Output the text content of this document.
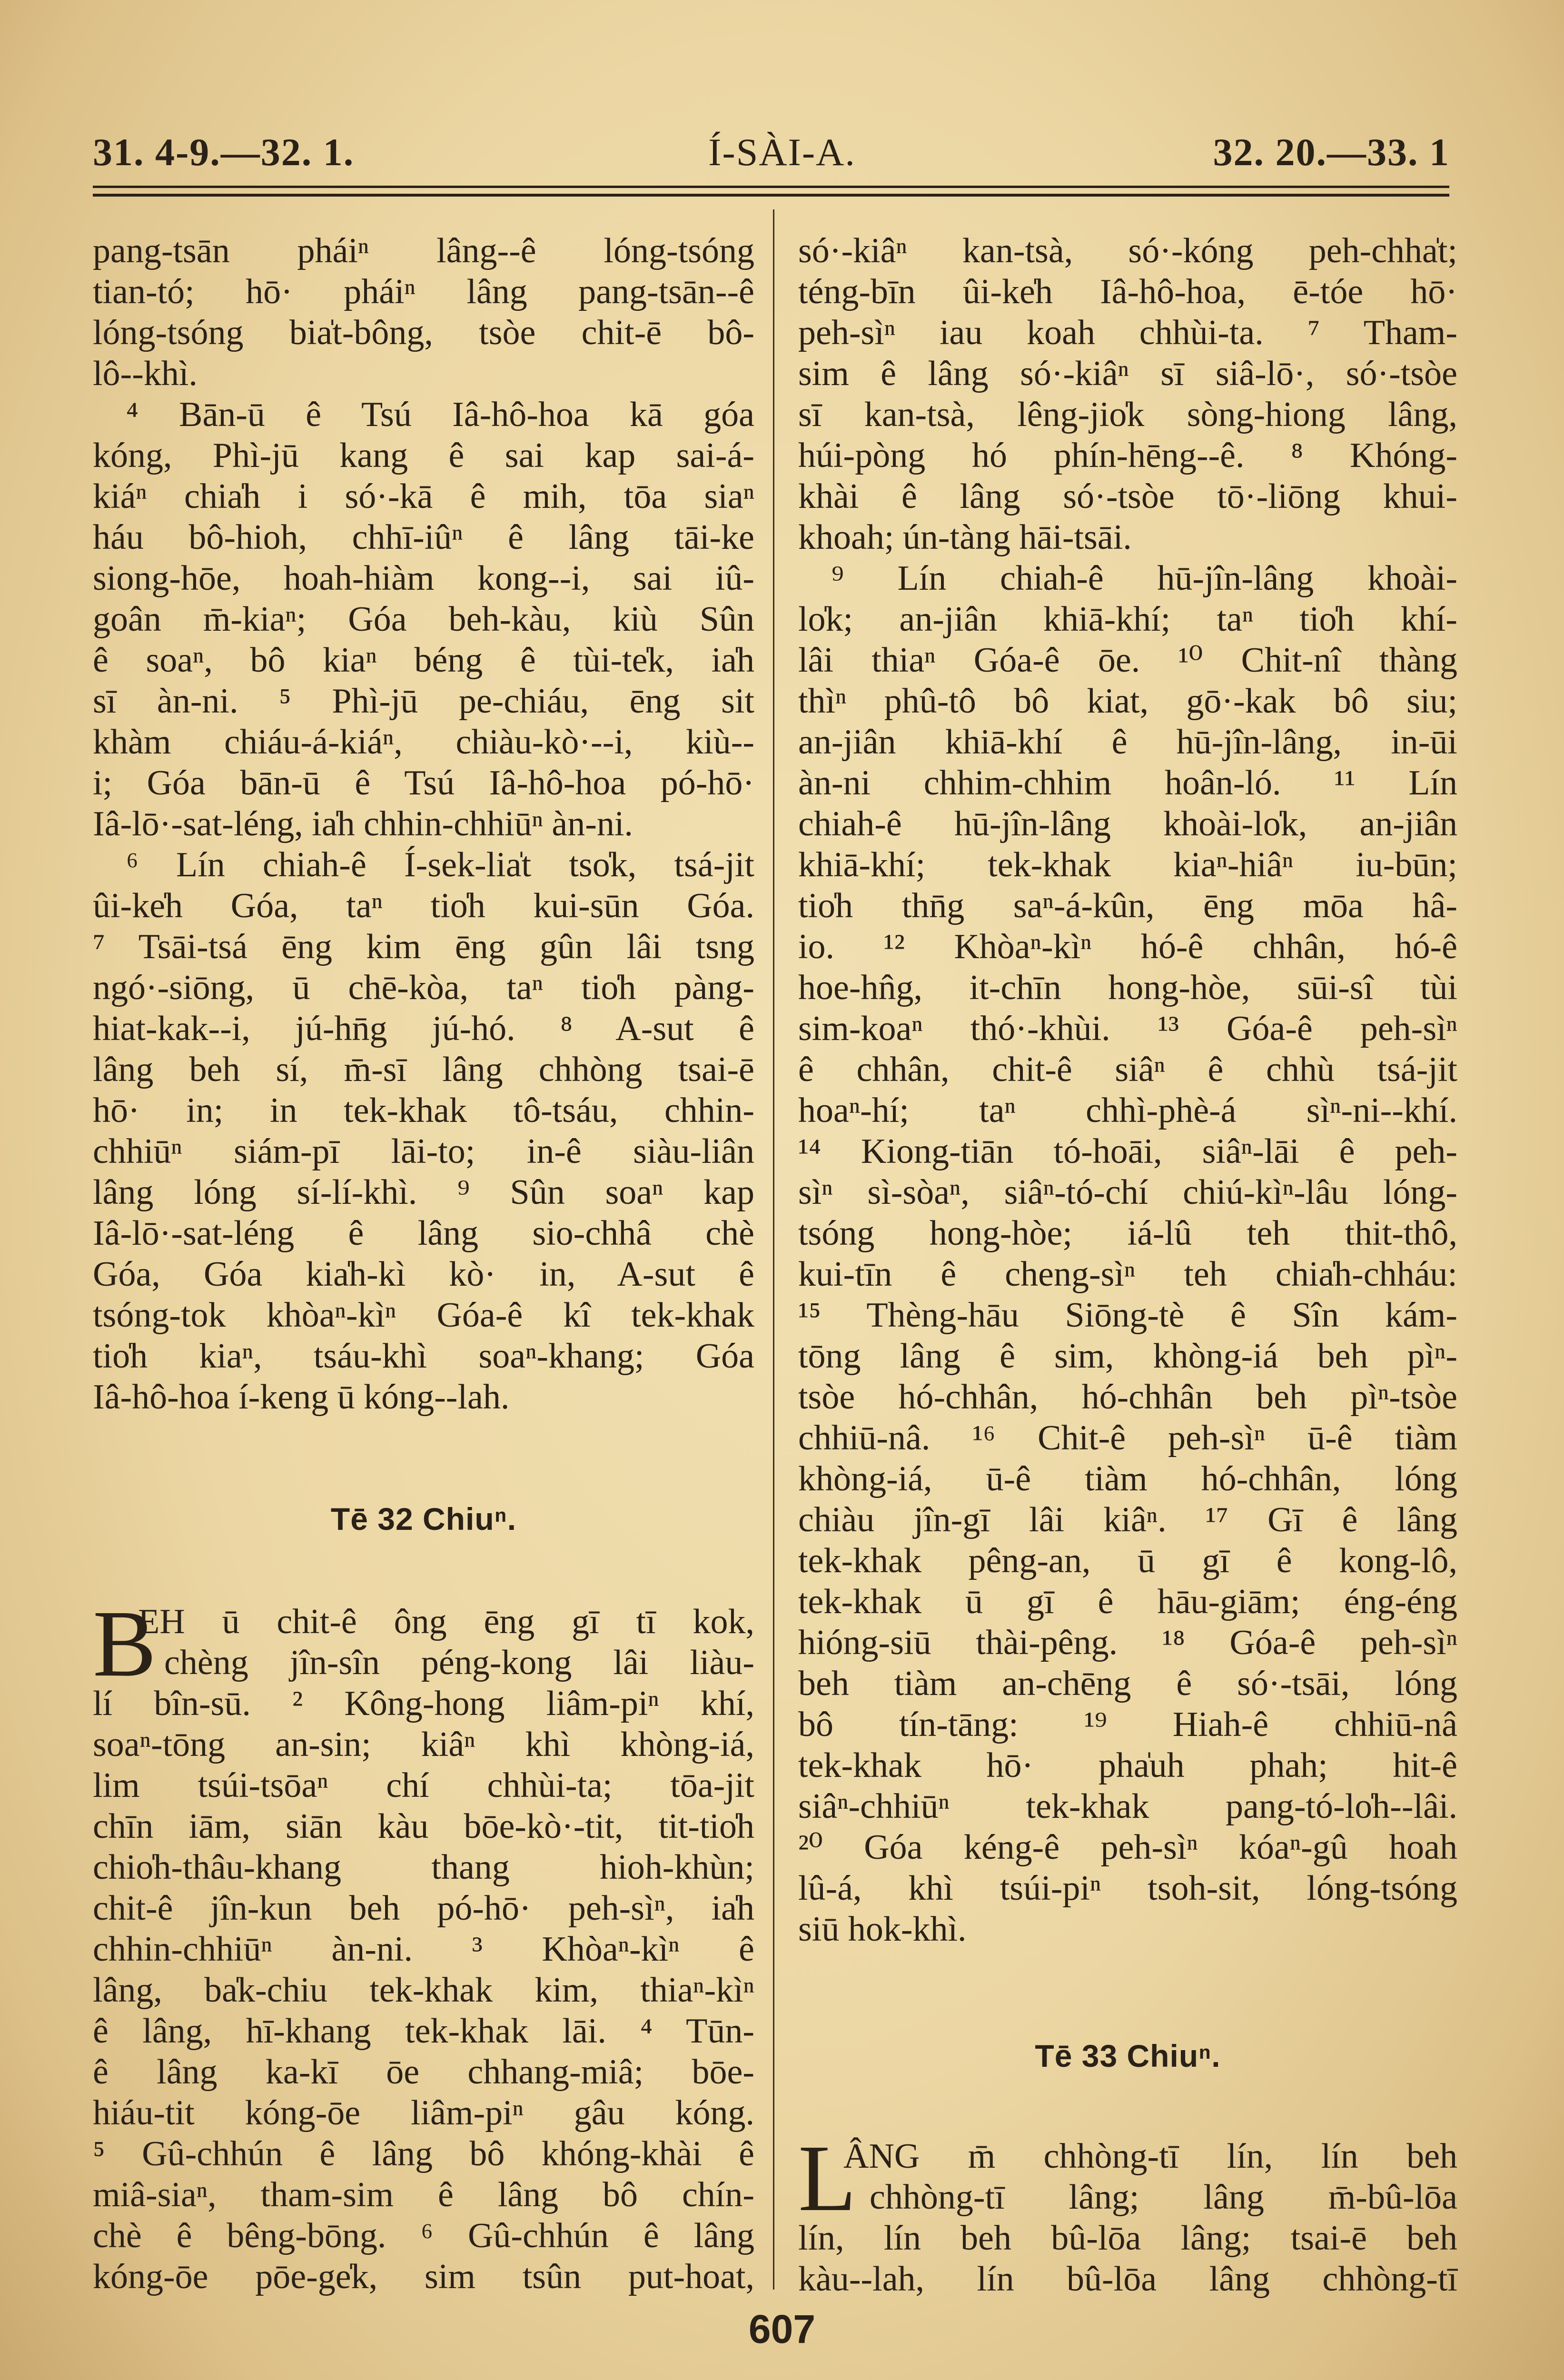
31. 4-9.—32. 1.	Í-SÀI-A.	32. 20.—33. 1
pang-tsān pháiⁿ lâng--ê lóng-tsóng
tian-tó; hō· pháiⁿ lâng pang-tsān--ê
lóng-tsóng bia̍t-bông, tsòe chit-ē bô-
lô--khì.
⁴ Bān-ū ê Tsú Iâ-hô-hoa kā góa
kóng, Phì-jū kang ê sai kap sai-á-
kiáⁿ chia̍h i só·-kā ê mih, tōa siaⁿ
háu bô-hioh, chhī-iûⁿ ê lâng tāi-ke
siong-hōe, hoah-hiàm kong--i, sai iû-
goân m̄-kiaⁿ; Góa beh-kàu, kiù Sûn
ê soaⁿ, bô kiaⁿ béng ê tùi-te̍k, ia̍h
sī àn-ni. ⁵ Phì-jū pe-chiáu, ēng sit
khàm chiáu-á-kiáⁿ, chiàu-kò·--i, kiù--
i; Góa bān-ū ê Tsú Iâ-hô-hoa pó-hō·
Iâ-lō·-sat-léng, ia̍h chhin-chhiūⁿ àn-ni.
⁶ Lín chiah-ê Í-sek-lia̍t tso̍k, tsá-jit
ûi-ke̍h Góa, taⁿ tio̍h kui-sūn Góa.
⁷ Tsāi-tsá ēng kim ēng gûn lâi tsng
ngó·-siōng, ū chē-kòa, taⁿ tio̍h pàng-
hiat-kak--i, jú-hn̄g jú-hó. ⁸ A-sut ê
lâng beh sí, m̄-sī lâng chhòng tsai-ē
hō· in; in tek-khak tô-tsáu, chhin-
chhiūⁿ siám-pī lāi-to; in-ê siàu-liân
lâng lóng sí-lí-khì. ⁹ Sûn soaⁿ kap
Iâ-lō·-sat-léng ê lâng sio-chhâ chè
Góa, Góa kia̍h-kì kò· in, A-sut ê
tsóng-tok khòaⁿ-kìⁿ Góa-ê kî tek-khak
tio̍h kiaⁿ, tsáu-khì soaⁿ-khang; Góa
Iâ-hô-hoa í-keng ū kóng--lah.
Tē 32 Chiuⁿ.
B
EH ū chit-ê ông ēng gī tī kok,
chèng jîn-sîn péng-kong lâi liàu-
lí bîn-sū. ² Kông-hong liâm-piⁿ khí,
soaⁿ-tōng an-sin; kiâⁿ khì khòng-iá,
lim tsúi-tsōaⁿ chí chhùi-ta; tōa-jit
chīn iām, siān kàu bōe-kò·-tit, tit-tio̍h
chio̍h-thâu-khang thang hioh-khùn;
chit-ê jîn-kun beh pó-hō· peh-sìⁿ, ia̍h
chhin-chhiūⁿ àn-ni. ³ Khòaⁿ-kìⁿ ê
lâng, ba̍k-chiu tek-khak kim, thiaⁿ-kìⁿ
ê lâng, hī-khang tek-khak lāi. ⁴ Tūn-
ê lâng ka-kī ōe chhang-miâ; bōe-
hiáu-tit kóng-ōe liâm-piⁿ gâu kóng.
⁵ Gû-chhún ê lâng bô khóng-khài ê
miâ-siaⁿ, tham-sim ê lâng bô chín-
chè ê bêng-bōng. ⁶ Gû-chhún ê lâng
kóng-ōe pōe-ge̍k, sim tsûn put-hoat,
só·-kiâⁿ kan-tsà, só·-kóng peh-chha̍t;
téng-bīn ûi-ke̍h Iâ-hô-hoa, ē-tóe hō·
peh-sìⁿ iau koah chhùi-ta. ⁷ Tham-
sim ê lâng só·-kiâⁿ sī siâ-lō·, só·-tsòe
sī kan-tsà, lêng-jio̍k sòng-hiong lâng,
húi-pòng hó phín-hēng--ê. ⁸ Khóng-
khài ê lâng só·-tsòe tō·-liōng khui-
khoah; ún-tàng hāi-tsāi.
⁹ Lín chiah-ê hū-jîn-lâng khoài-
lo̍k; an-jiân khiā-khí; taⁿ tio̍h khí-
lâi thiaⁿ Góa-ê ōe. ¹⁰ Chit-nî thàng
thìⁿ phû-tô bô kiat, gō·-kak bô siu;
an-jiân khiā-khí ê hū-jîn-lâng, in-ūi
àn-ni chhim-chhim hoân-ló. ¹¹ Lín
chiah-ê hū-jîn-lâng khoài-lo̍k, an-jiân
khiā-khí; tek-khak kiaⁿ-hiâⁿ iu-būn;
tio̍h thn̄g saⁿ-á-kûn, ēng mōa hâ-
io. ¹² Khòaⁿ-kìⁿ hó-ê chhân, hó-ê
hoe-hn̂g, it-chīn hong-hòe, sūi-sî tùi
sim-koaⁿ thó·-khùi. ¹³ Góa-ê peh-sìⁿ
ê chhân, chit-ê siâⁿ ê chhù tsá-jit
hoaⁿ-hí; taⁿ chhì-phè-á sìⁿ-ni--khí.
¹⁴ Kiong-tiān tó-hoāi, siâⁿ-lāi ê peh-
sìⁿ sì-sòaⁿ, siâⁿ-tó-chí chiú-kìⁿ-lâu lóng-
tsóng hong-hòe; iá-lû teh thit-thô,
kui-tīn ê cheng-sìⁿ teh chia̍h-chháu:
¹⁵ Thèng-hāu Siōng-tè ê Sîn kám-
tōng lâng ê sim, khòng-iá beh pìⁿ-
tsòe hó-chhân, hó-chhân beh pìⁿ-tsòe
chhiū-nâ. ¹⁶ Chit-ê peh-sìⁿ ū-ê tiàm
khòng-iá, ū-ê tiàm hó-chhân, lóng
chiàu jîn-gī lâi kiâⁿ. ¹⁷ Gī ê lâng
tek-khak pêng-an, ū gī ê kong-lô,
tek-khak ū gī ê hāu-giām; éng-éng
hióng-siū thài-pêng. ¹⁸ Góa-ê peh-sìⁿ
beh tiàm an-chēng ê só·-tsāi, lóng
bô tín-tāng: ¹⁹ Hiah-ê chhiū-nâ
tek-khak hō· pha̍uh phah; hit-ê
siâⁿ-chhiūⁿ tek-khak pang-tó-lo̍h--lâi.
²⁰ Góa kéng-ê peh-sìⁿ kóaⁿ-gû hoah
lû-á, khì tsúi-piⁿ tsoh-sit, lóng-tsóng
siū hok-khì.
Tē 33 Chiuⁿ.
L
ÂNG m̄ chhòng-tī lín, lín beh
chhòng-tī lâng; lâng m̄-bû-lōa
lín, lín beh bû-lōa lâng; tsai-ē beh
kàu--lah, lín bû-lōa lâng chhòng-tī
607
